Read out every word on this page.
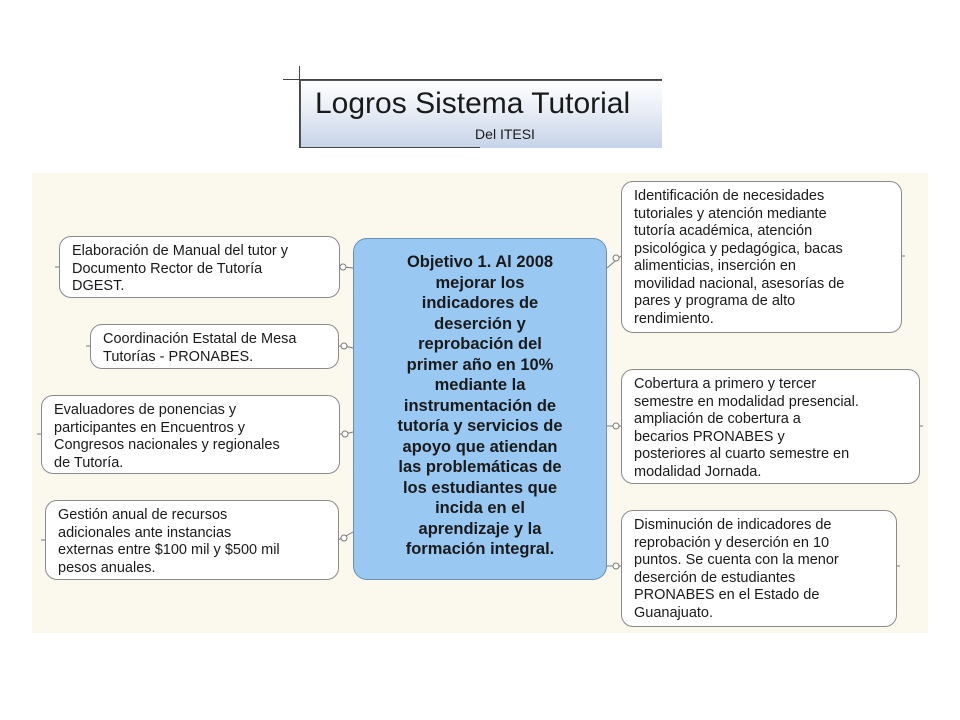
Logros Sistema Tutorial
Del ITESI
Elaboración de Manual del tutor y
Documento Rector de Tutoría
DGEST.
Coordinación Estatal de Mesa
Tutorías - PRONABES.
Evaluadores de ponencias y
participantes en Encuentros y
Congresos nacionales y regionales
de Tutoría.
Gestión anual de recursos
adicionales ante instancias
externas entre $100 mil y $500 mil
pesos anuales.
Objetivo 1. Al 2008
mejorar los
indicadores de
deserción y
reprobación del
primer año en 10%
mediante la
instrumentación de
tutoría y servicios de
apoyo que atiendan
las problemáticas de
los estudiantes que
incida en el
aprendizaje y la
formación integral.
Identificación de necesidades
tutoriales y atención mediante
tutoría académica, atención
psicológica y pedagógica, bacas
alimenticias, inserción en
movilidad nacional, asesorías de
pares y programa de alto
rendimiento.
Cobertura a primero y tercer
semestre en modalidad presencial.
ampliación de cobertura a
becarios PRONABES y
posteriores al cuarto semestre en
modalidad Jornada.
Disminución de indicadores de
reprobación y deserción en 10
puntos. Se cuenta con la menor
deserción de estudiantes
PRONABES en el Estado de
Guanajuato.
